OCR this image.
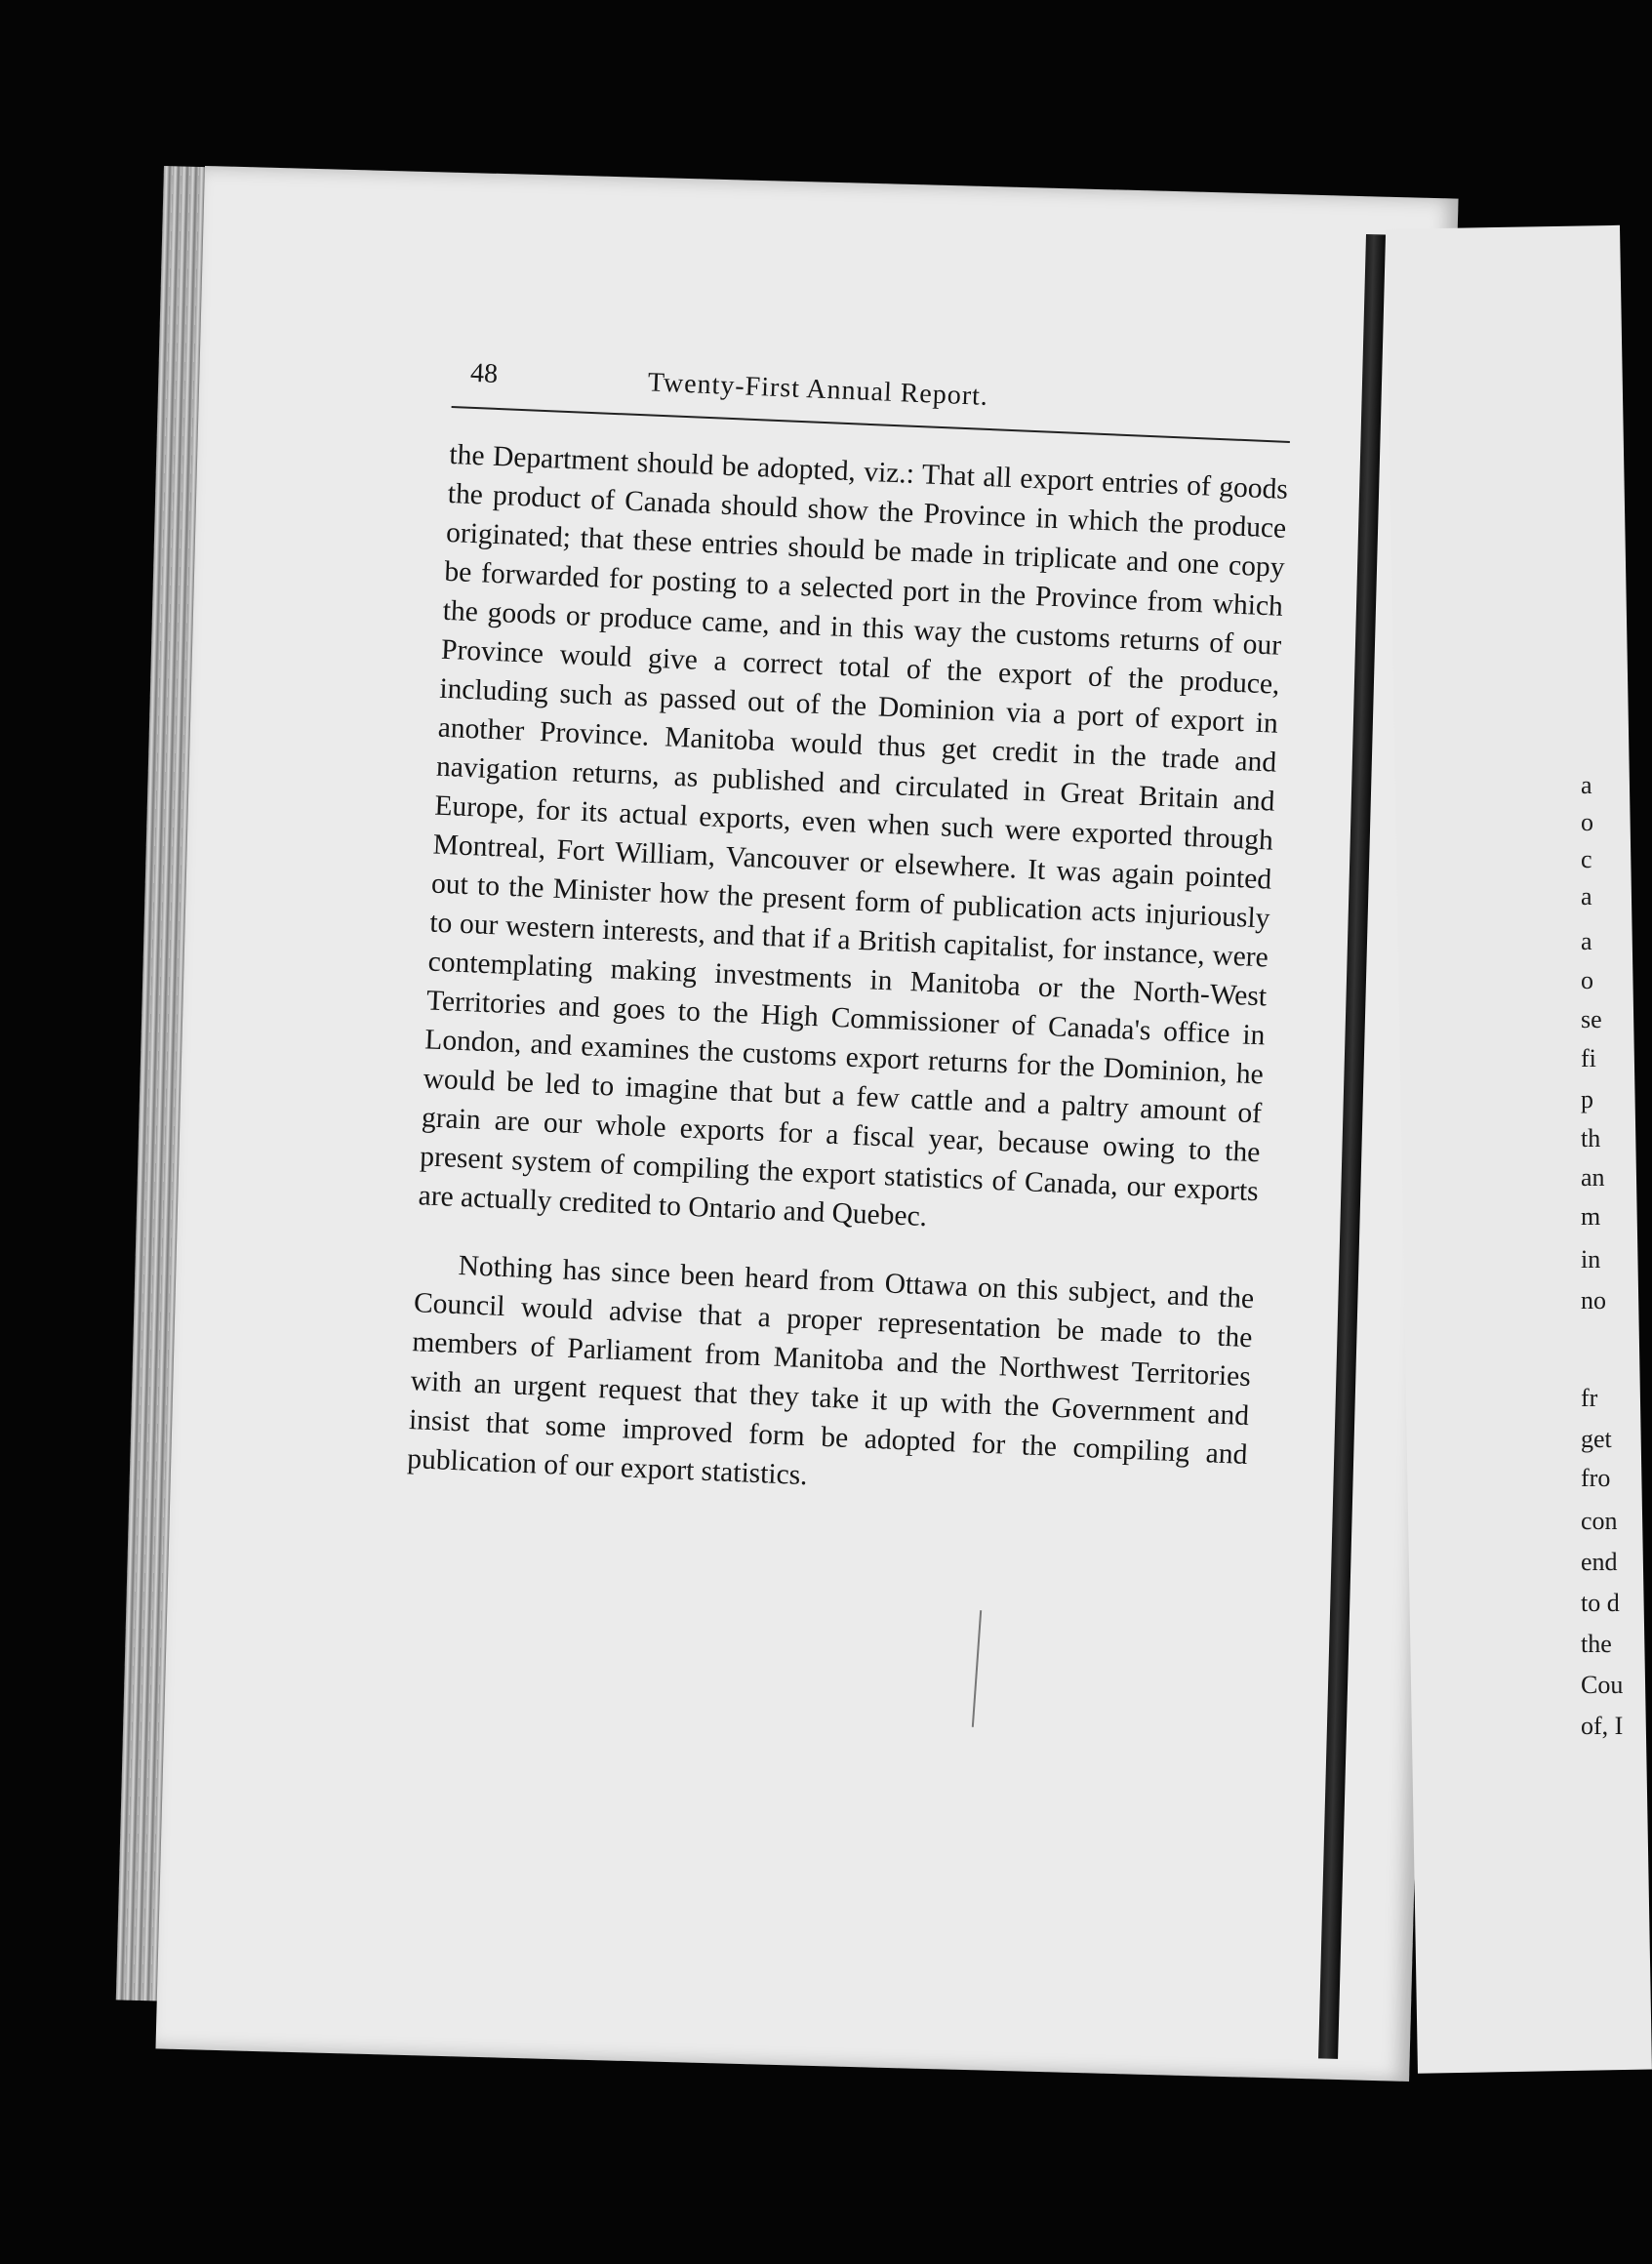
a
o
c
a
a
o
se
fi
p
th
an
m
in
no
fr
get
fro
con
end
to d
the
Cou
of, I
48	Twenty-First Annual Report.

the Department should be adopted, viz.: That all export entries of goods the product of Canada should show the Province in which the produce originated; that these entries should be made in triplicate and one copy be forwarded for posting to a selected port in the Province from which the goods or produce came, and in this way the customs returns of our Province would give a correct total of the export of the produce, including such as passed out of the Dominion via a port of export in another Province. Manitoba would thus get credit in the trade and navigation returns, as published and circulated in Great Britain and Europe, for its actual exports, even when such were exported through Montreal, Fort William, Vancouver or elsewhere. It was again pointed out to the Minister how the present form of publication acts injuriously to our western interests, and that if a British capitalist, for instance, were contemplating making investments in Manitoba or the North-West Territories and goes to the High Commissioner of Canada's office in London, and examines the customs export returns for the Dominion, he would be led to imagine that but a few cattle and a paltry amount of grain are our whole exports for a fiscal year, because owing to the present system of compiling the export statistics of Canada, our exports are actually credited to Ontario and Quebec.

Nothing has since been heard from Ottawa on this subject, and the Council would advise that a proper representation be made to the members of Parliament from Manitoba and the Northwest Territories with an urgent request that they take it up with the Government and insist that some improved form be adopted for the compiling and publication of our export statistics.
